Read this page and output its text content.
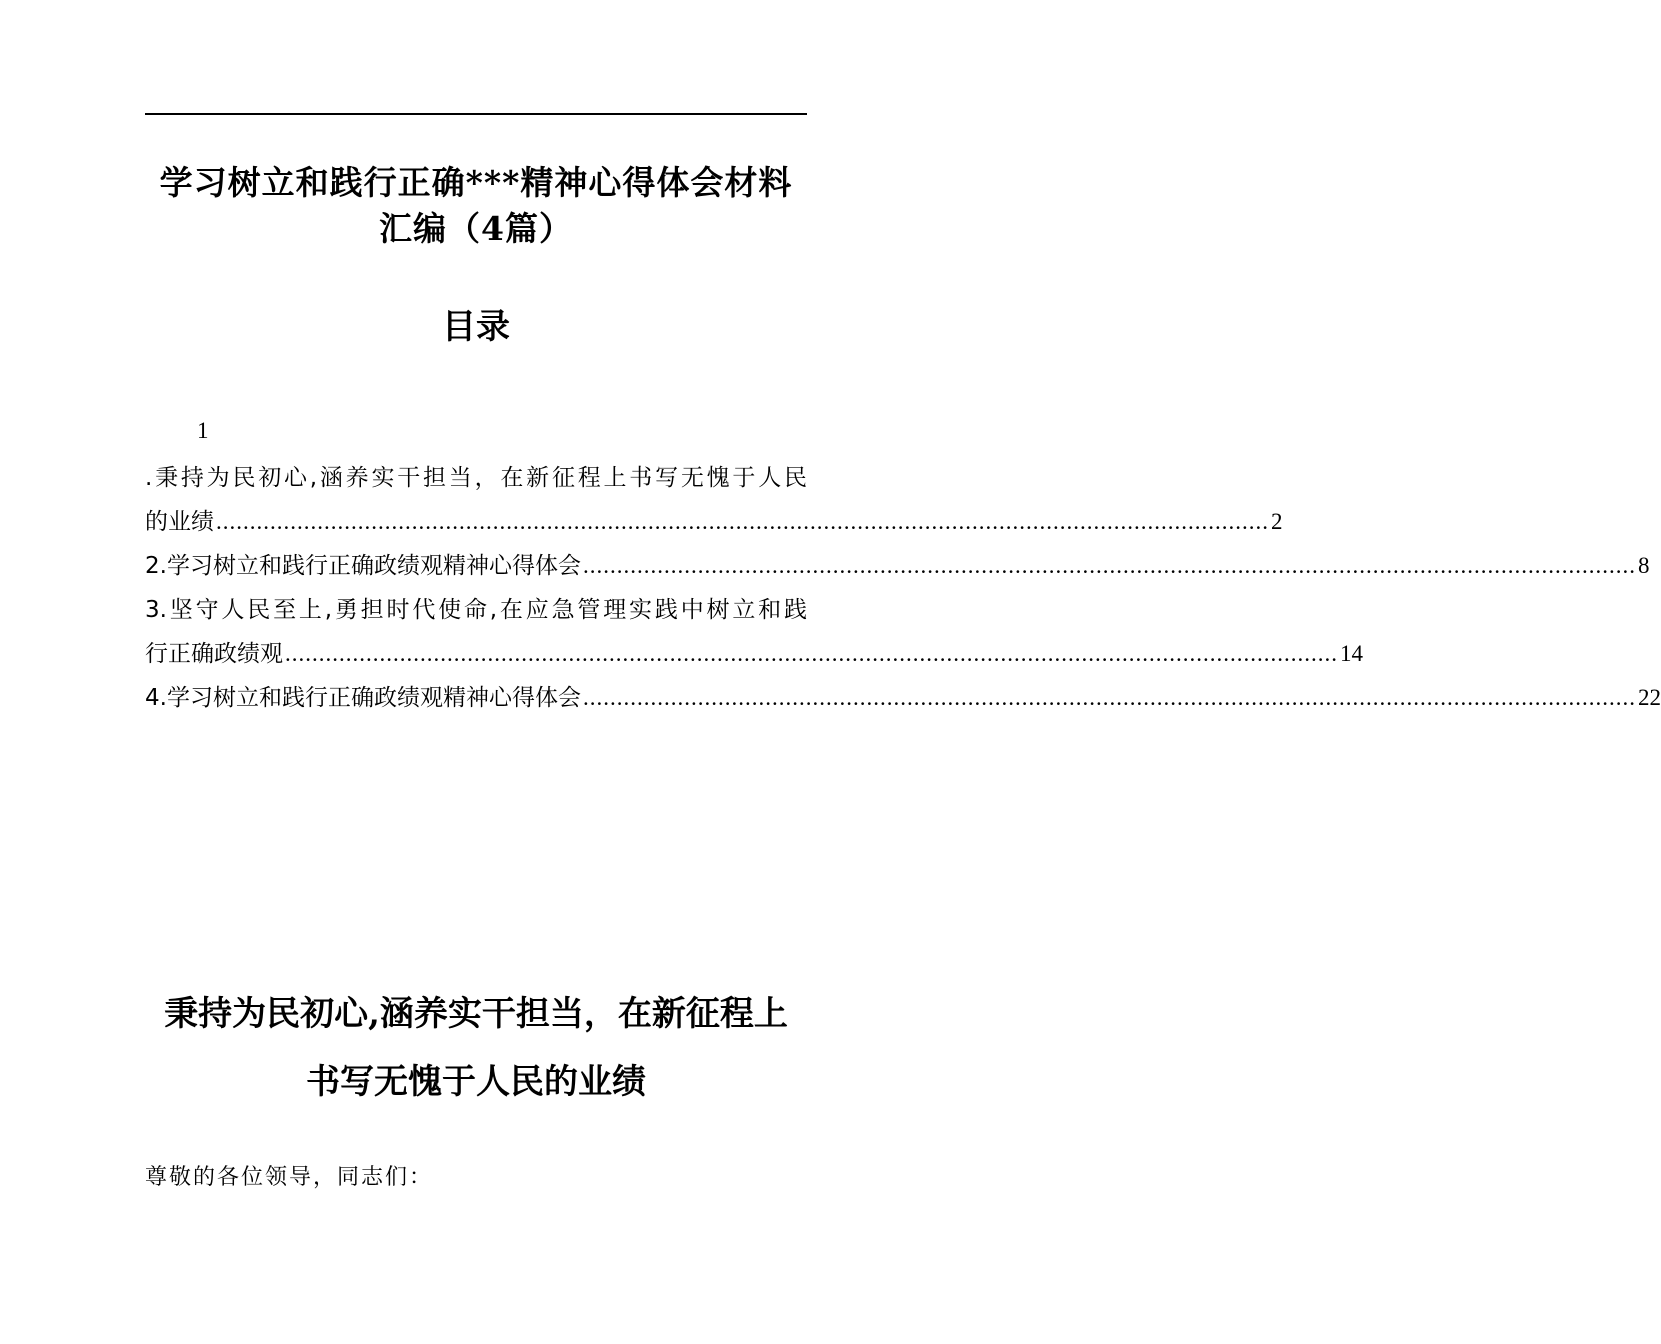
学习树立和践行正确***精神心得体会材料
汇编（4篇）
目录
1
.秉持为民初心,涵养实干担当，在新征程上书写无愧于人民
的业绩 ............................................................................................................................................................ 2
2.学习树立和践行正确政绩观精神心得体会 ............................................................................................................................................................ 8
3.坚守人民至上,勇担时代使命,在应急管理实践中树立和践
行正确政绩观 ............................................................................................................................................................ 14
4.学习树立和践行正确政绩观精神心得体会 ............................................................................................................................................................ 22
秉持为民初心,涵养实干担当，在新征程上
书写无愧于人民的业绩
尊敬的各位领导，同志们：
